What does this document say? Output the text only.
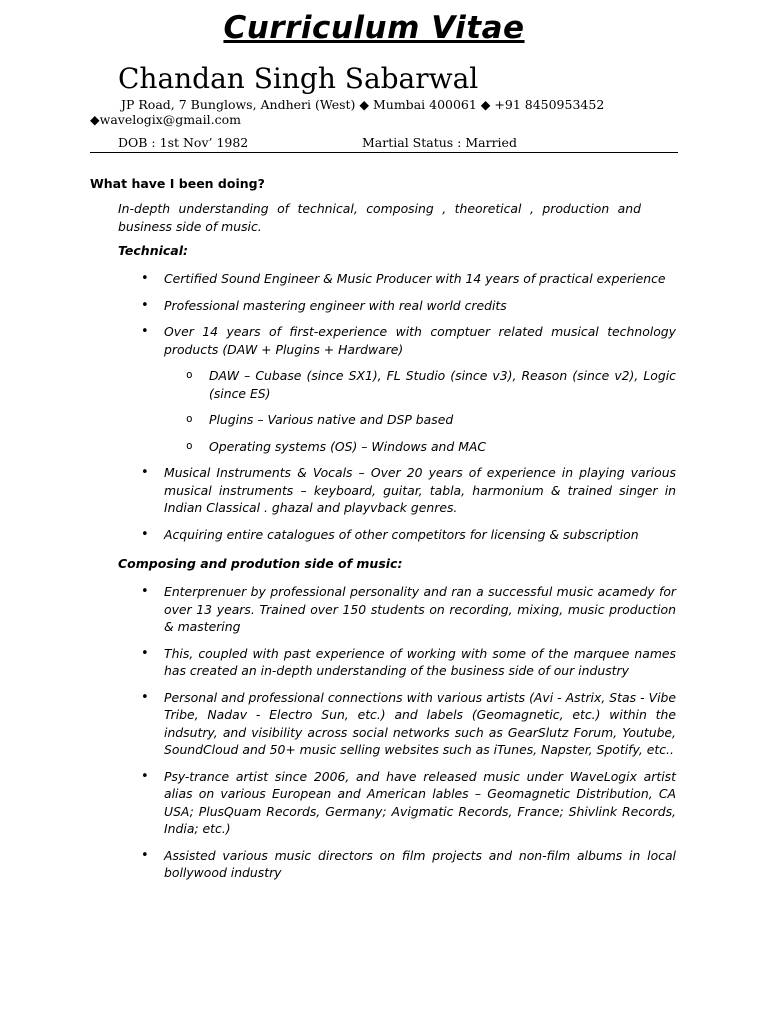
Curriculum Vitae
Chandan Singh Sabarwal
JP Road, 7 Bunglows, Andheri (West) ◆ Mumbai 400061 ◆ +91 8450953452
◆wavelogix@gmail.com
DOB : 1st Nov’ 1982	Martial Status : Married
What have I been doing?
In-depth understanding of technical, composing , theoretical , production and business side of music.
Technical:
• Certified Sound Engineer & Music Producer with 14 years of practical experience
• Professional mastering engineer with real world credits
• Over 14 years of first-experience with comptuer related musical technology products (DAW + Plugins + Hardware)
o DAW – Cubase (since SX1), FL Studio (since v3), Reason (since v2), Logic (since ES)
o Plugins – Various native and DSP based
o Operating systems (OS) – Windows and MAC
• Musical Instruments & Vocals – Over 20 years of experience in playing various musical instruments – keyboard, guitar, tabla, harmonium & trained singer in Indian Classical . ghazal and playvback genres.
• Acquiring entire catalogues of other competitors for licensing & subscription
Composing and prodution side of music:
• Enterprenuer by professional personality and ran a successful music acamedy for over 13 years. Trained over 150 students on recording, mixing, music production & mastering
• This, coupled with past experience of working with some of the marquee names has created an in-depth understanding of the business side of our industry
• Personal and professional connections with various artists (Avi - Astrix, Stas - Vibe Tribe, Nadav - Electro Sun, etc.) and labels (Geomagnetic, etc.) within the indsutry, and visibility across social networks such as GearSlutz Forum, Youtube, SoundCloud and 50+ music selling websites such as iTunes, Napster, Spotify, etc..
• Psy-trance artist since 2006, and have released music under WaveLogix artist alias on various European and American lables – Geomagnetic Distribution, CA USA; PlusQuam Records, Germany; Avigmatic Records, France; Shivlink Records, India; etc.)
• Assisted various music directors on film projects and non-film albums in local bollywood industry
